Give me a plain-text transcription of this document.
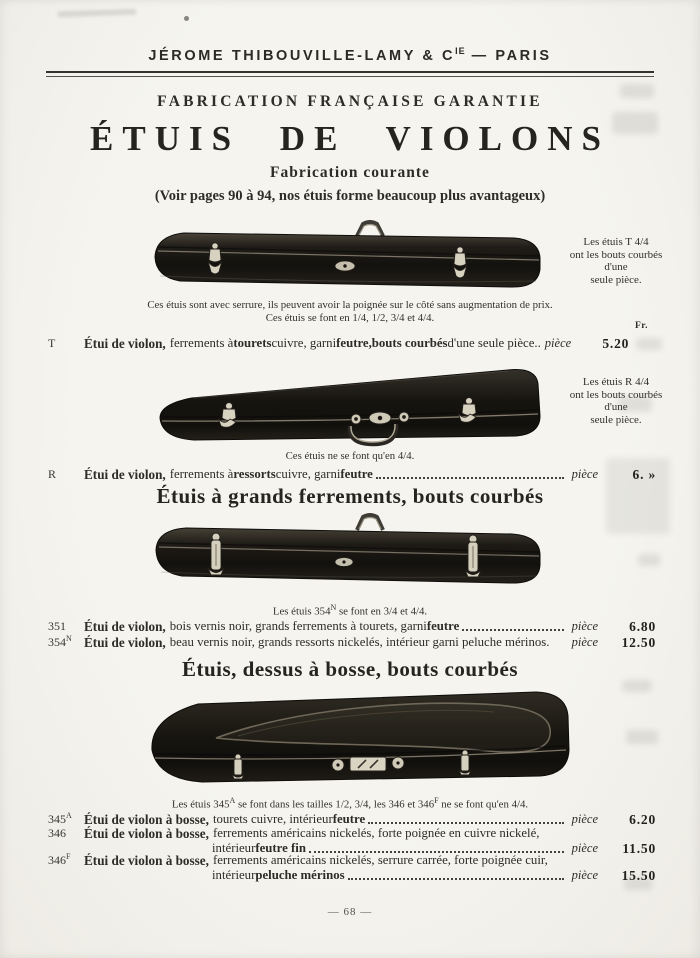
JÉROME THIBOUVILLE-LAMY & $C^{IE}$ — PARIS
FABRICATION FRANÇAISE GARANTIE
ÉTUIS DE VIOLONS
Fabrication courante
(Voir pages 90 à 94, nos étuis forme beaucoup plus avantageux)
Les étuis T 4/4
ont les bouts courbés
d'une
seule pièce.
Ces étuis sont avec serrure, ils peuvent avoir la poignée sur le côté sans augmentation de prix.
Ces étuis se font en 1/4, 1/2, 3/4 et 4/4.
Fr.
T	Étui de violon, ferrements à tourets cuivre, garni feutre, bouts courbés d'une seule pièce.. pièce	5.20
Les étuis R 4/4
ont les bouts courbés
d'une
seule pièce.
Ces étuis ne se font qu'en 4/4.
R	Étui de violon, ferrements à ressorts cuivre, garni feutre	pièce	6. »
Étuis à grands ferrements, bouts courbés
Les étuis $354^N$ se font en 3/4 et 4/4.
351	Étui de violon, bois vernis noir, grands ferrements à tourets, garni feutre	pièce	6.80
$354^N$ Étui de violon, beau vernis noir, grands ressorts nickelés, intérieur garni peluche mérinos. pièce	12.50
Étuis, dessus à bosse, bouts courbés
Les étuis $345^A$ se font dans les tailles 1/2, 3/4, les 346 et $346^F$ ne se font qu'en 4/4.
$345^A$ Étui de violon à bosse, tourets cuivre, intérieur feutre	pièce	6.20
346	Étui de violon à bosse, ferrements américains nickelés, forte poignée en cuivre nickelé,
intérieur feutre fin	pièce	11.50
$346^F$	Étui de violon à bosse, ferrements américains nickelés, serrure carrée, forte poignée cuir,
intérieur peluche mérinos	pièce	15.50
— 68 —
